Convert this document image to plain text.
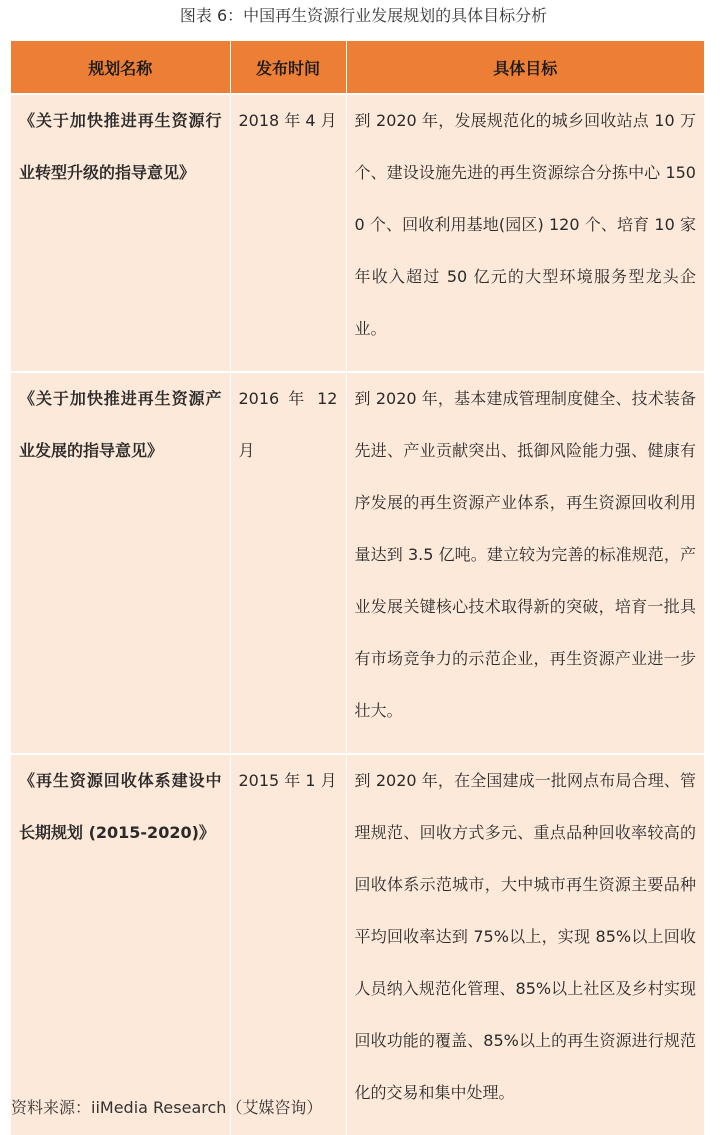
图表 6：中国再生资源行业发展规划的具体目标分析
规划名称	发布时间	具体目标
《关于加快推进再生资源行业转型升级的指导意见》	2018 年 4 月	到 2020 年，发展规范化的城乡回收站点 10 万个、建设设施先进的再生资源综合分拣中心 1500 个、回收利用基地(园区) 120 个、培育 10 家年收入超过 50 亿元的大型环境服务型龙头企业。
《关于加快推进再生资源产业发展的指导意见》	2016 年 12 月	到 2020 年，基本建成管理制度健全、技术装备先进、产业贡献突出、抵御风险能力强、健康有序发展的再生资源产业体系，再生资源回收利用量达到 3.5 亿吨。建立较为完善的标准规范，产业发展关键核心技术取得新的突破，培育一批具有市场竞争力的示范企业，再生资源产业进一步壮大。
《再生资源回收体系建设中长期规划 (2015-2020)》	2015 年 1 月	到 2020 年，在全国建成一批网点布局合理、管理规范、回收方式多元、重点品种回收率较高的回收体系示范城市，大中城市再生资源主要品种平均回收率达到 75%以上，实现 85%以上回收人员纳入规范化管理、85%以上社区及乡村实现回收功能的覆盖、85%以上的再生资源进行规范化的交易和集中处理。
资料来源：iiMedia Research（艾媒咨询）
